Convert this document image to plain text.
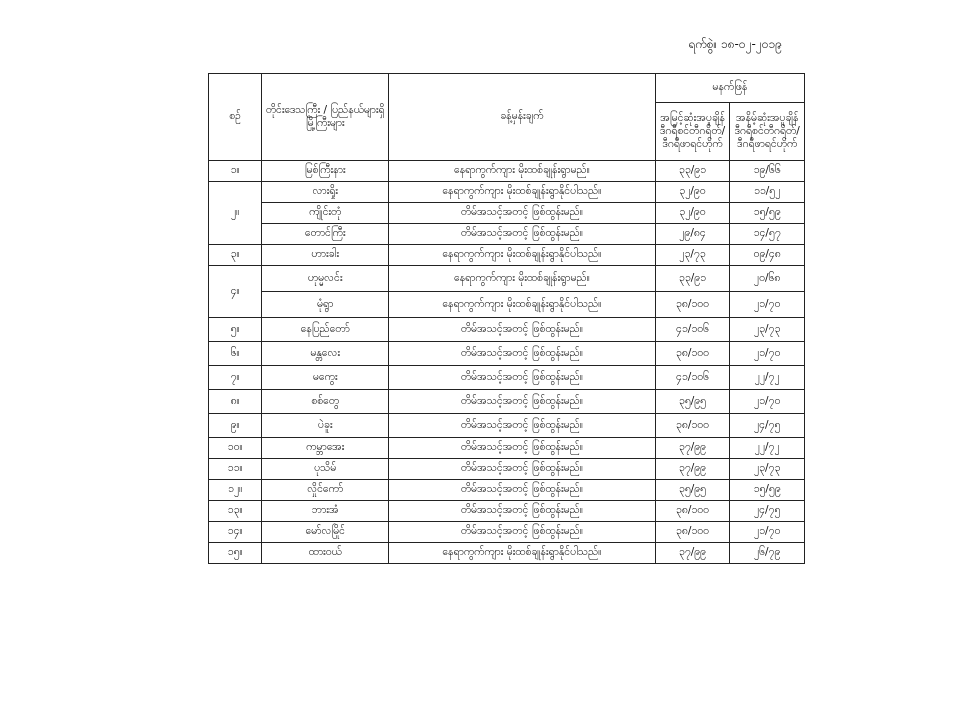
ရက်စွဲ။ ၁၈-၀၂-၂၀၁၉
စဉ်	တိုင်းဒေသကြီး / ပြည်နယ်များရှိ မြို့ကြီးများ	ခန့်မှန်းချက်	မနက်ဖြန်	
			အမြင့်ဆုံးအပူချိန် ဒီဂရီစင်တီဂရိတ်/ ဒီဂရီဖာရင်ဟိုက်	အနိမ့်ဆုံးအပူချိန် ဒီဂရီစင်တီဂရိတ်/ ဒီဂရီဖာရင်ဟိုက်
၁။	မြစ်ကြီးနား	နေရာကွက်ကျား မိုးထစ်ချုန်းရွာမည်။	၃၃/၉၁	၁၉/၆၆
၂။	လားရှိုး	နေရာကွက်ကျား မိုးထစ်ချုန်းရွာနိုင်ပါသည်။	၃၂/၉၀	၁၁/၅၂
	ကျိုင်းတုံ	တိမ်အသင့်အတင့် ဖြစ်ထွန်းမည်။	၃၂/၉၀	၁၅/၅၉
	တောင်ကြီး	တိမ်အသင့်အတင့် ဖြစ်ထွန်းမည်။	၂၉/၈၄	၁၄/၅၇
၃။	ဟားခါး	နေရာကွက်ကျား မိုးထစ်ချုန်းရွာနိုင်ပါသည်။	၂၃/၇၃	၀၉/၄၈
၄။	ဟုမ္မလင်း	နေရာကွက်ကျား မိုးထစ်ချုန်းရွာမည်။	၃၃/၉၁	၂၀/၆၈
	မုံရွာ	နေရာကွက်ကျား မိုးထစ်ချုန်းရွာနိုင်ပါသည်။	၃၈/၁၀၀	၂၁/၇၀
၅။	နေပြည်တော်	တိမ်အသင့်အတင့် ဖြစ်ထွန်းမည်။	၄၁/၁၀၆	၂၃/၇၃
၆။	မန္တလေး	တိမ်အသင့်အတင့် ဖြစ်ထွန်းမည်။	၃၈/၁၀၀	၂၁/၇၀
၇။	မကွေး	တိမ်အသင့်အတင့် ဖြစ်ထွန်းမည်။	၄၁/၁၀၆	၂၂/၇၂
၈။	စစ်တွေ	တိမ်အသင့်အတင့် ဖြစ်ထွန်းမည်။	၃၅/၉၅	၂၁/၇၀
၉။	ပဲခူး	တိမ်အသင့်အတင့် ဖြစ်ထွန်းမည်။	၃၈/၁၀၀	၂၄/၇၅
၁၀။	ကမ္ဘာအေး	တိမ်အသင့်အတင့် ဖြစ်ထွန်းမည်။	၃၇/၉၉	၂၂/၇၂
၁၁။	ပုသိမ်	တိမ်အသင့်အတင့် ဖြစ်ထွန်းမည်။	၃၇/၉၉	၂၃/၇၃
၁၂။	လှိုင်ကော်	တိမ်အသင့်အတင့် ဖြစ်ထွန်းမည်။	၃၅/၉၅	၁၅/၅၉
၁၃။	ဘားအံ	တိမ်အသင့်အတင့် ဖြစ်ထွန်းမည်။	၃၈/၁၀၀	၂၄/၇၅
၁၄။	မော်လမြိုင်	တိမ်အသင့်အတင့် ဖြစ်ထွန်းမည်။	၃၈/၁၀၀	၂၁/၇၀
၁၅။	ထားဝယ်	နေရာကွက်ကျား မိုးထစ်ချုန်းရွာနိုင်ပါသည်။	၃၇/၉၉	၂၆/၇၉
